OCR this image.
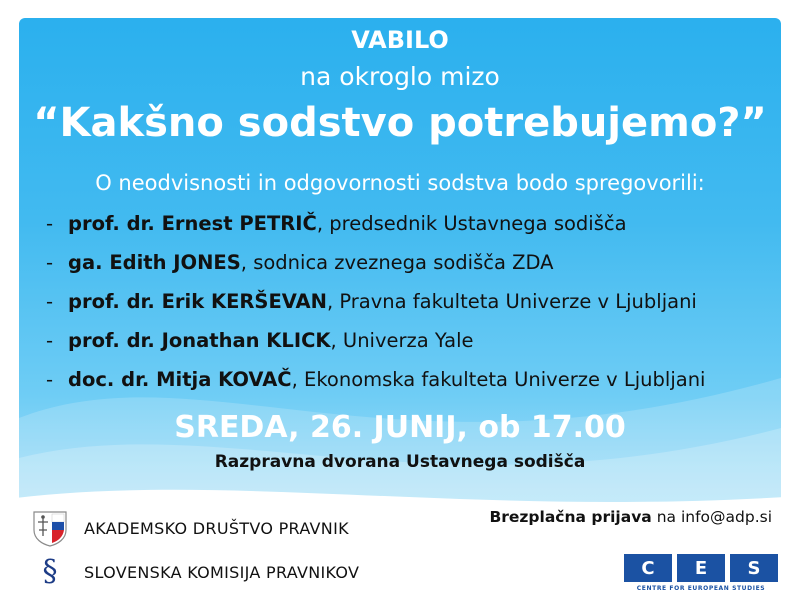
VABILO
na okroglo mizo
“Kakšno sodstvo potrebujemo?”
O neodvisnosti in odgovornosti sodstva bodo spregovorili:
- prof. dr. Ernest PETRIČ, predsednik Ustavnega sodišča
- ga. Edith JONES, sodnica zveznega sodišča ZDA
- prof. dr. Erik KERŠEVAN, Pravna fakulteta Univerze v Ljubljani
- prof. dr. Jonathan KLICK, Univerza Yale
- doc. dr. Mitja KOVAČ, Ekonomska fakulteta Univerze v Ljubljani
SREDA, 26. JUNIJ, ob 17.00
Razpravna dvorana Ustavnega sodišča
AKADEMSKO DRUŠTVO PRAVNIK
§ SLOVENSKA KOMISIJA PRAVNIKOV
Brezplačna prijava na info@adp.si
C	E	S
CENTRE FOR EUROPEAN STUDIES
